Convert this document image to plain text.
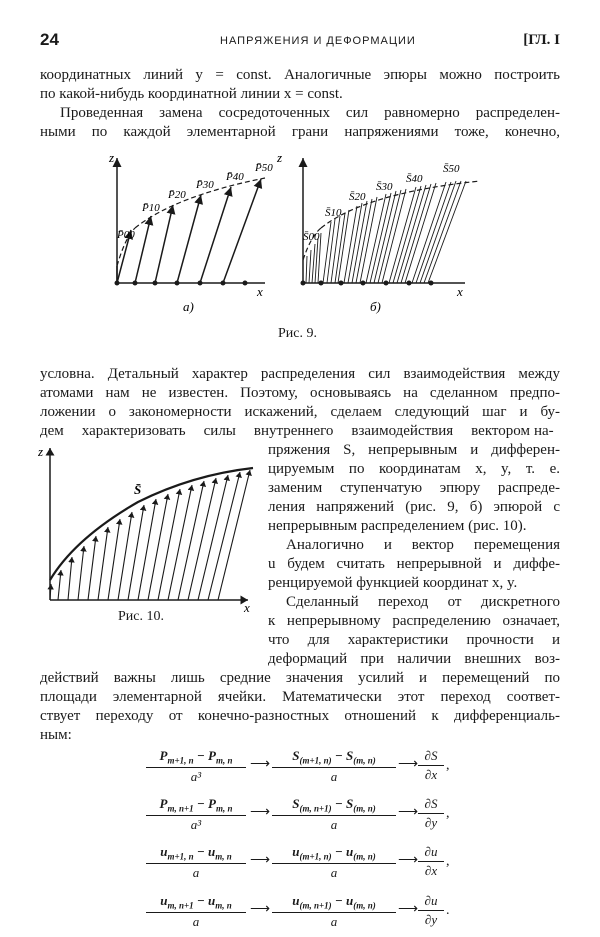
24	НАПРЯЖЕНИЯ И ДЕФОРМАЦИИ	[ГЛ. I
координатных линий y = const. Аналогичные эпюры можно построить
по какой-нибудь координатной линии x = const.
Проведенная замена сосредоточенных сил равномерно распределен-
ными по каждой элементарной грани напряжениями тоже, конечно,
z
x
P̄00
P̄10
P̄20
P̄30
P̄40
P̄50
a)
z
x
S̄00
S̄10
S̄20
S̄30
S̄40
S̄50
б)
Рис. 9.
условна. Детальный характер распределения сил взаимодействия между
атомами нам не известен. Поэтому, основываясь на сделанном предпо-
ложении о закономерности искажений, сделаем следующий шаг и бу-
дем характеризовать силы внутреннего взаимодействия вектором на-
пряжения S, непрерывным и дифферен-
цируемым по координатам x, y, т. е.
заменим ступенчатую эпюру распреде-
ления напряжений (рис. 9, б) эпюрой с
непрерывным распределением (рис. 10).
Аналогично и вектор перемещения
u будем считать непрерывной и диффе-
ренцируемой функцией координат x, y.
Сделанный переход от дискретного
к непрерывному распределению означает,
что для характеристики прочности и
деформаций при наличии внешних воз-
z
x
S̄
Рис. 10.
действий важны лишь средние значения усилий и перемещений по
площади элементарной ячейки. Математически этот переход соответ-
ствует переходу от конечно-разностных отношений к дифференциаль-
ным:
$\frac{P_{m+1, n} - P_{m, n}}{\text{a³}}$ ⟶ $\frac{S_{(m+1, n)} - S_{(m, n)}}{a}$ ⟶ $\frac{\partial S}{\partial x}$ ,
$\frac{P_{m, n+1} - P_{m, n}}{\text{a³}}$ ⟶ $\frac{S_{(m, n+1)} - S_{(m, n)}}{a}$ ⟶ $\frac{\partial S}{\partial y}$ ,
$\frac{u_{m+1, n} - u_{m, n}}{a}$ ⟶ $\frac{u_{(m+1, n)} - u_{(m, n)}}{a}$ ⟶ $\frac{\partial u}{\partial x}$ ,
$\frac{u_{m, n+1} - u_{m, n}}{a}$ ⟶ $\frac{u_{(m, n+1)} - u_{(m, n)}}{a}$ ⟶ $\frac{\partial u}{\partial y}$ .
